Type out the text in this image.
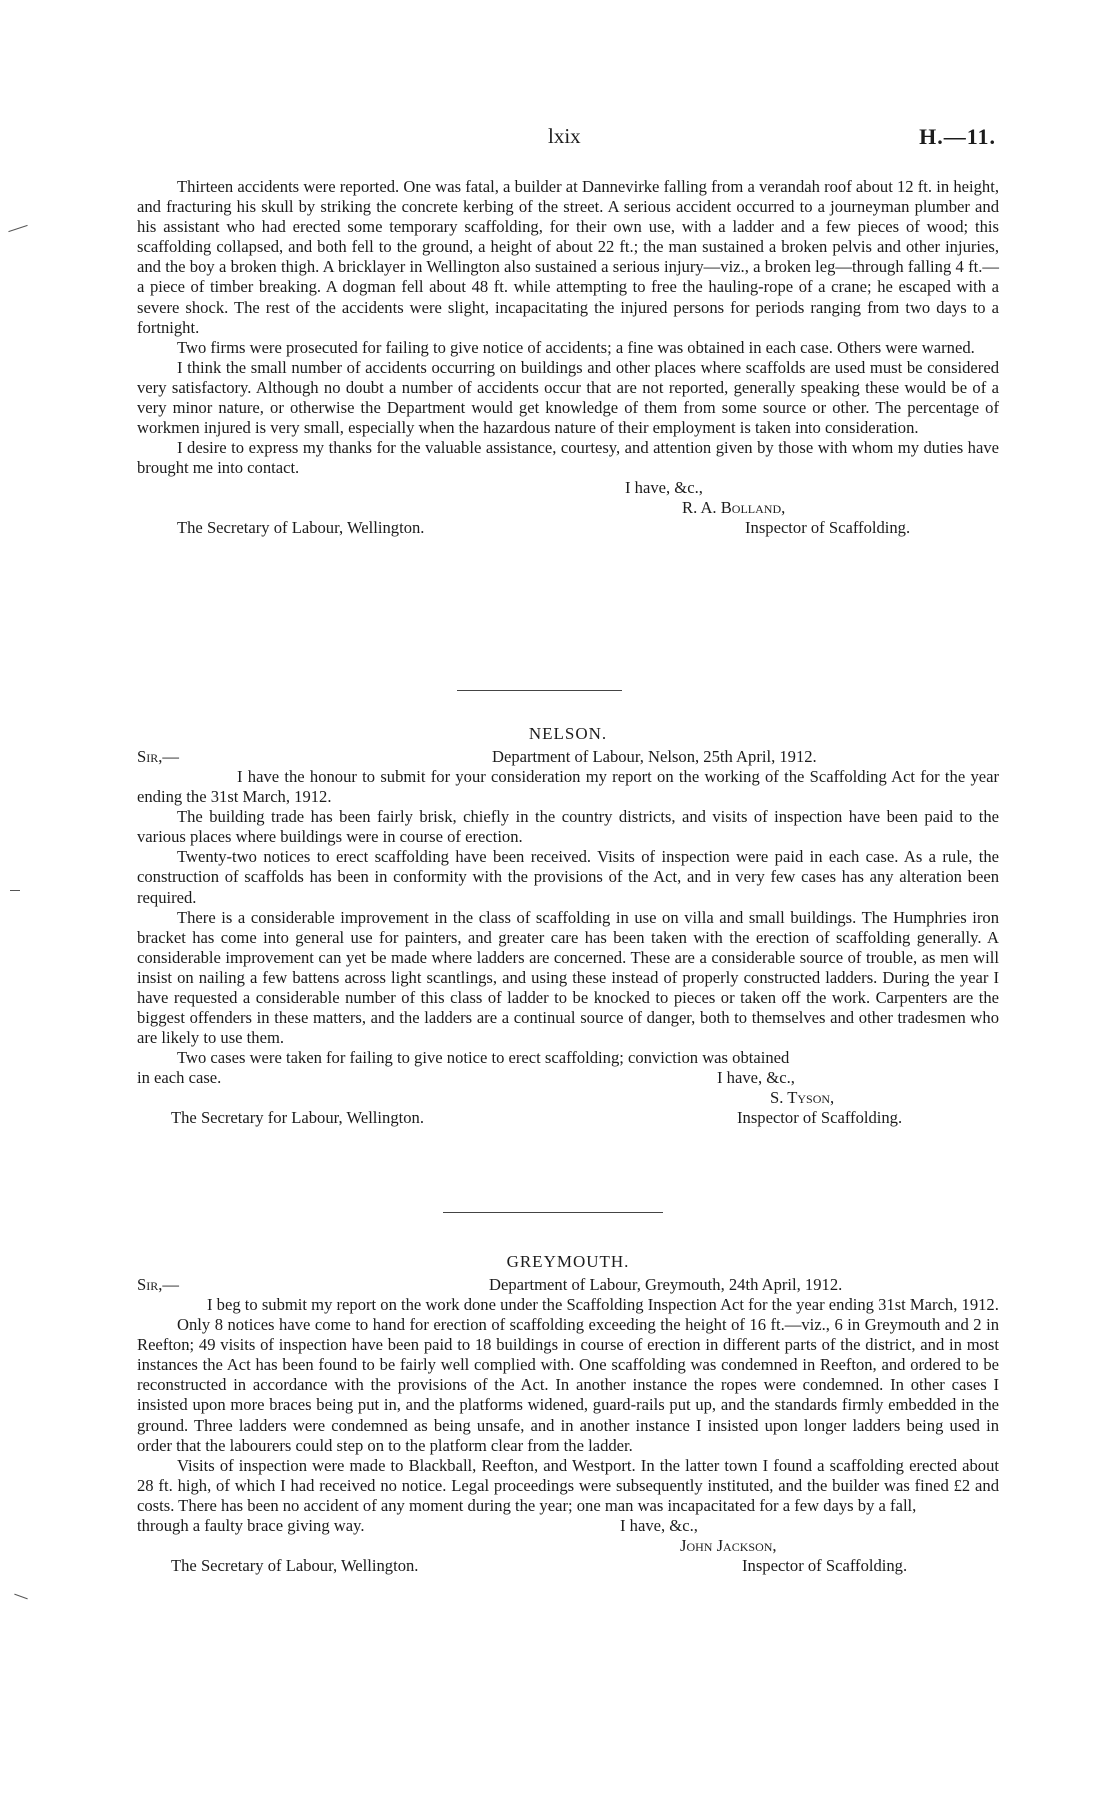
lxix	H.—11.

Thirteen accidents were reported. One was fatal, a builder at Dannevirke falling from a verandah roof about 12 ft. in height, and fracturing his skull by striking the concrete kerbing of the street. A serious accident occurred to a journeyman plumber and his assistant who had erected some temporary scaffolding, for their own use, with a ladder and a few pieces of wood; this scaffolding collapsed, and both fell to the ground, a height of about 22 ft.; the man sustained a broken pelvis and other injuries, and the boy a broken thigh. A bricklayer in Wellington also sustained a serious injury—viz., a broken leg—through falling 4 ft.—a piece of timber breaking. A dogman fell about 48 ft. while attempting to free the hauling-rope of a crane; he escaped with a severe shock. The rest of the accidents were slight, incapacitating the injured persons for periods ranging from two days to a fortnight.

Two firms were prosecuted for failing to give notice of accidents; a fine was obtained in each case. Others were warned.

I think the small number of accidents occurring on buildings and other places where scaffolds are used must be considered very satisfactory. Although no doubt a number of accidents occur that are not reported, generally speaking these would be of a very minor nature, or otherwise the Department would get knowledge of them from some source or other. The percentage of workmen injured is very small, especially when the hazardous nature of their employment is taken into consideration.

I desire to express my thanks for the valuable assistance, courtesy, and attention given by those with whom my duties have brought me into contact.

I have, &c.,
R. A. Bolland,
The Secretary of Labour, Wellington.	Inspector of Scaffolding.
NELSON.
Sir,—	Department of Labour, Nelson, 25th April, 1912.

I have the honour to submit for your consideration my report on the working of the Scaffolding Act for the year ending the 31st March, 1912.

The building trade has been fairly brisk, chiefly in the country districts, and visits of inspection have been paid to the various places where buildings were in course of erection.

Twenty-two notices to erect scaffolding have been received. Visits of inspection were paid in each case. As a rule, the construction of scaffolds has been in conformity with the provisions of the Act, and in very few cases has any alteration been required.

There is a considerable improvement in the class of scaffolding in use on villa and small buildings. The Humphries iron bracket has come into general use for painters, and greater care has been taken with the erection of scaffolding generally. A considerable improvement can yet be made where ladders are concerned. These are a considerable source of trouble, as men will insist on nailing a few battens across light scantlings, and using these instead of properly constructed ladders. During the year I have requested a considerable number of this class of ladder to be knocked to pieces or taken off the work. Carpenters are the biggest offenders in these matters, and the ladders are a continual source of danger, both to themselves and other tradesmen who are likely to use them.

Two cases were taken for failing to give notice to erect scaffolding; conviction was obtained
in each case.	I have, &c.,
S. Tyson,
The Secretary for Labour, Wellington.	Inspector of Scaffolding.
GREYMOUTH.
Sir,—	Department of Labour, Greymouth, 24th April, 1912.

I beg to submit my report on the work done under the Scaffolding Inspection Act for the year ending 31st March, 1912.

Only 8 notices have come to hand for erection of scaffolding exceeding the height of 16 ft.—viz., 6 in Greymouth and 2 in Reefton; 49 visits of inspection have been paid to 18 buildings in course of erection in different parts of the district, and in most instances the Act has been found to be fairly well complied with. One scaffolding was condemned in Reefton, and ordered to be reconstructed in accordance with the provisions of the Act. In another instance the ropes were condemned. In other cases I insisted upon more braces being put in, and the platforms widened, guard-rails put up, and the standards firmly embedded in the ground. Three ladders were condemned as being unsafe, and in another instance I insisted upon longer ladders being used in order that the labourers could step on to the platform clear from the ladder.

Visits of inspection were made to Blackball, Reefton, and Westport. In the latter town I found a scaffolding erected about 28 ft. high, of which I had received no notice. Legal proceedings were subsequently instituted, and the builder was fined £2 and costs. There has been no accident of any moment during the year; one man was incapacitated for a few days by a fall,

through a faulty brace giving way.	I have, &c.,
John Jackson,
The Secretary of Labour, Wellington.	Inspector of Scaffolding.
